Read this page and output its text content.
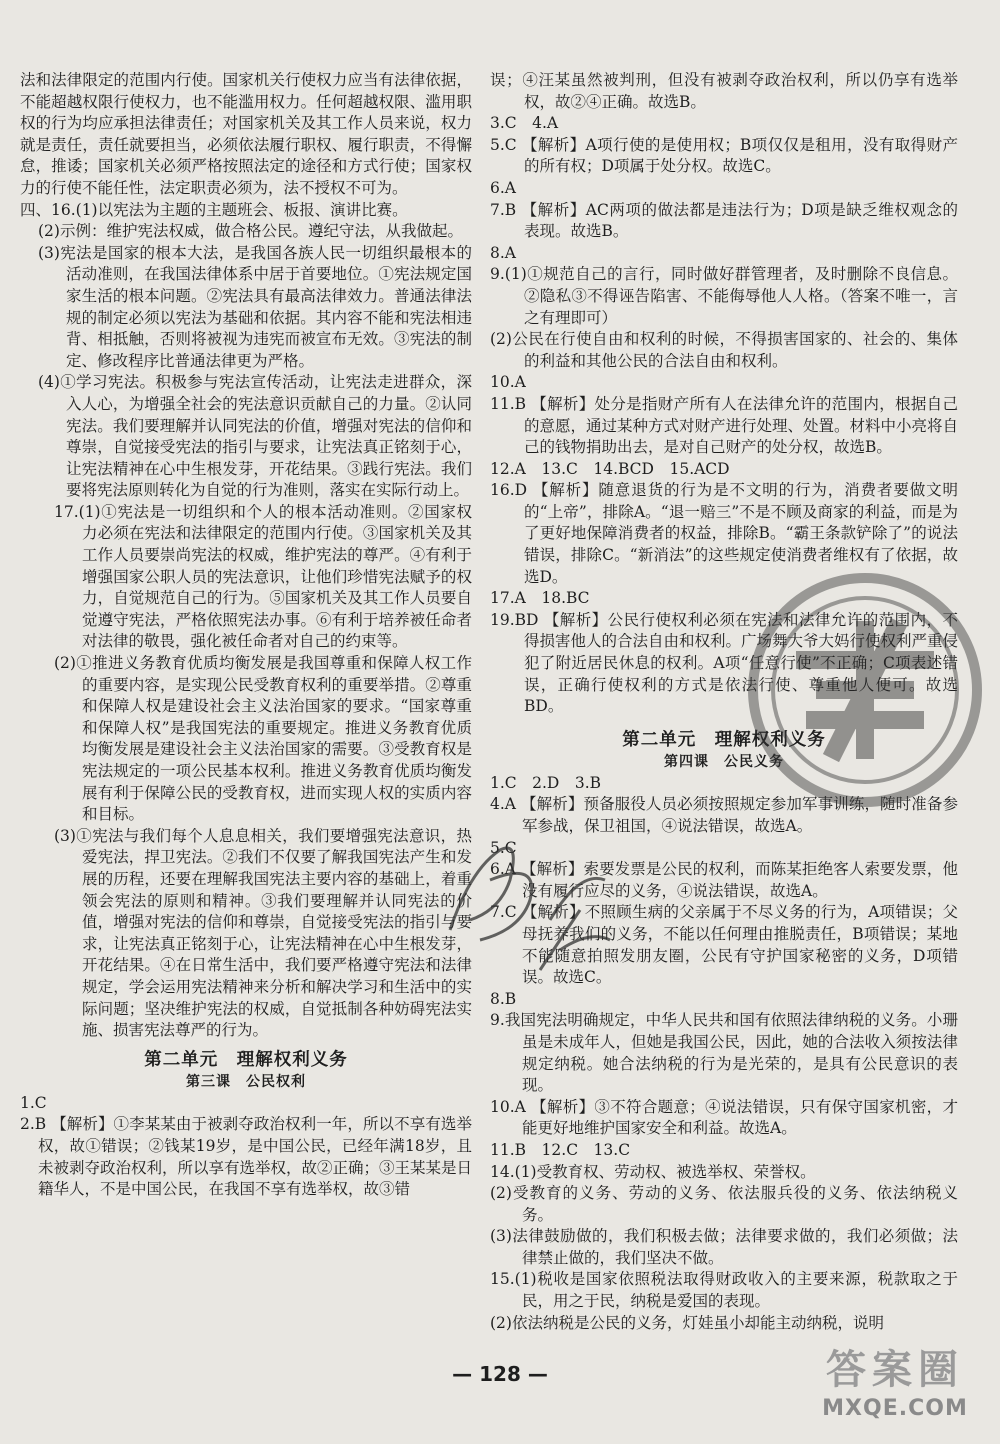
法和法律限定的范围内行使。国家机关行使权力应当有法律依据，不能超越权限行使权力，也不能滥用权力。任何超越权限、滥用职权的行为均应承担法律责任；对国家机关及其工作人员来说，权力就是责任，责任就要担当，必须依法履行职权、履行职责，不得懈怠，推诿；国家机关必须严格按照法定的途径和方式行使；国家权力的行使不能任性，法定职责必须为，法不授权不可为。

四、16.(1)以宪法为主题的主题班会、板报、演讲比赛。

(2)示例：维护宪法权威，做合格公民。遵纪守法，从我做起。

(3)宪法是国家的根本大法，是我国各族人民一切组织最根本的活动准则，在我国法律体系中居于首要地位。①宪法规定国家生活的根本问题。②宪法具有最高法律效力。普通法律法规的制定必须以宪法为基础和依据。其内容不能和宪法相违背、相抵触，否则将被视为违宪而被宣布无效。③宪法的制定、修改程序比普通法律更为严格。

(4)①学习宪法。积极参与宪法宣传活动，让宪法走进群众，深入人心，为增强全社会的宪法意识贡献自己的力量。②认同宪法。我们要理解并认同宪法的价值，增强对宪法的信仰和尊崇，自觉接受宪法的指引与要求，让宪法真正铭刻于心，让宪法精神在心中生根发芽，开花结果。③践行宪法。我们要将宪法原则转化为自觉的行为准则，落实在实际行动上。

17.(1)①宪法是一切组织和个人的根本活动准则。②国家权力必须在宪法和法律限定的范围内行使。③国家机关及其工作人员要崇尚宪法的权威，维护宪法的尊严。④有利于增强国家公职人员的宪法意识，让他们珍惜宪法赋予的权力，自觉规范自己的行为。⑤国家机关及其工作人员要自觉遵守宪法，严格依照宪法办事。⑥有利于培养被任命者对法律的敬畏，强化被任命者对自己的约束等。

(2)①推进义务教育优质均衡发展是我国尊重和保障人权工作的重要内容，是实现公民受教育权利的重要举措。②尊重和保障人权是建设社会主义法治国家的要求。“国家尊重和保障人权”是我国宪法的重要规定。推进义务教育优质均衡发展是建设社会主义法治国家的需要。③受教育权是宪法规定的一项公民基本权利。推进义务教育优质均衡发展有利于保障公民的受教育权，进而实现人权的实质内容和目标。

(3)①宪法与我们每个人息息相关，我们要增强宪法意识，热爱宪法，捍卫宪法。②我们不仅要了解我国宪法产生和发展的历程，还要在理解我国宪法主要内容的基础上，着重领会宪法的原则和精神。③我们要理解并认同宪法的价值，增强对宪法的信仰和尊崇，自觉接受宪法的指引与要求，让宪法真正铭刻于心，让宪法精神在心中生根发芽，开花结果。④在日常生活中，我们要严格遵守宪法和法律规定，学会运用宪法精神来分析和解决学习和生活中的实际问题；坚决维护宪法的权威，自觉抵制各种妨碍宪法实施、损害宪法尊严的行为。

第二单元　理解权利义务
第三课　公民权利

1.C

2.B 【解析】①李某某由于被剥夺政治权利一年，所以不享有选举权，故①错误；②钱某19岁，是中国公民，已经年满18岁，且未被剥夺政治权利，所以享有选举权，故②正确；③王某某是日籍华人，不是中国公民，在我国不享有选举权，故③错

误；④汪某虽然被判刑，但没有被剥夺政治权利，所以仍享有选举权，故②④正确。故选B。

3.C　4.A

5.C 【解析】A项行使的是使用权；B项仅仅是租用，没有取得财产的所有权；D项属于处分权。故选C。

6.A

7.B 【解析】AC两项的做法都是违法行为；D项是缺乏维权观念的表现。故选B。

8.A

9.(1)①规范自己的言行，同时做好群管理者，及时删除不良信息。②隐私③不得诬告陷害、不能侮辱他人人格。（答案不唯一，言之有理即可）

(2)公民在行使自由和权利的时候，不得损害国家的、社会的、集体的利益和其他公民的合法自由和权利。

10.A

11.B 【解析】处分是指财产所有人在法律允许的范围内，根据自己的意愿，通过某种方式对财产进行处理、处置。材料中小亮将自己的钱物捐助出去，是对自己财产的处分权，故选B。

12.A　13.C　14.BCD　15.ACD

16.D 【解析】随意退货的行为是不文明的行为，消费者要做文明的“上帝”，排除A。“退一赔三”不是不顾及商家的利益，而是为了更好地保障消费者的权益，排除B。“霸王条款铲除了”的说法错误，排除C。“新消法”的这些规定使消费者维权有了依据，故选D。

17.A　18.BC

19.BD 【解析】公民行使权利必须在宪法和法律允许的范围内，不得损害他人的合法自由和权利。广场舞大爷大妈行使权利严重侵犯了附近居民休息的权利。A项“任意行使”不正确；C项表述错误，正确行使权利的方式是依法行使、尊重他人便可。故选BD。

第二单元　理解权利义务
第四课　公民义务

1.C　2.D　3.B

4.A 【解析】预备服役人员必须按照规定参加军事训练，随时准备参军参战，保卫祖国，④说法错误，故选A。

5.C

6.A 【解析】索要发票是公民的权利，而陈某拒绝客人索要发票，他没有履行应尽的义务，④说法错误，故选A。

7.C 【解析】不照顾生病的父亲属于不尽义务的行为，A项错误；父母抚养我们的义务，不能以任何理由推脱责任，B项错误；某地不能随意拍照发朋友圈，公民有守护国家秘密的义务，D项错误。故选C。

8.B

9.我国宪法明确规定，中华人民共和国有依照法律纳税的义务。小珊虽是未成年人，但她是我国公民，因此，她的合法收入须按法律规定纳税。她合法纳税的行为是光荣的，是具有公民意识的表现。

10.A 【解析】③不符合题意；④说法错误，只有保守国家机密，才能更好地维护国家安全和利益。故选A。

11.B　12.C　13.C

14.(1)受教育权、劳动权、被选举权、荣誉权。

(2)受教育的义务、劳动的义务、依法服兵役的义务、依法纳税义务。

(3)法律鼓励做的，我们积极去做；法律要求做的，我们必须做；法律禁止做的，我们坚决不做。

15.(1)税收是国家依照税法取得财政收入的主要来源，税款取之于民，用之于民，纳税是爱国的表现。

(2)依法纳税是公民的义务，灯娃虽小却能主动纳税，说明

— 128 —	答案圈
MXQE.COM
